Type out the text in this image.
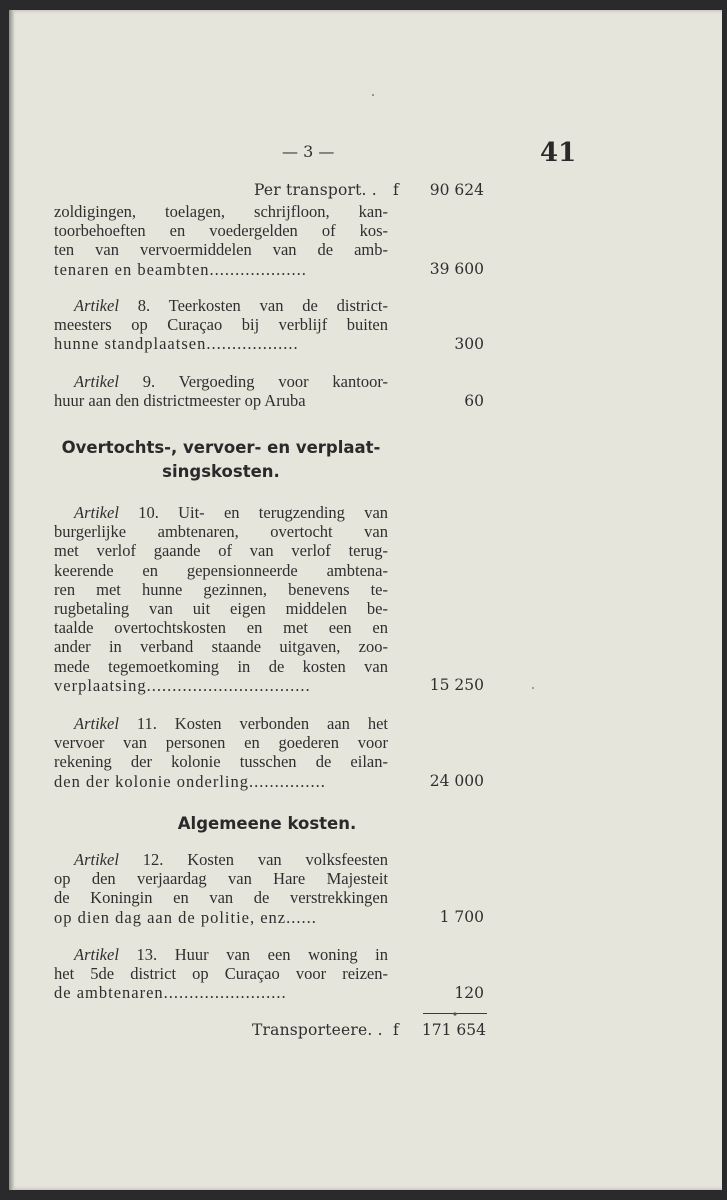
— 3 —	41
Per transport. . f	90 624
zoldigingen, toelagen, schrijfloon, kan-
toorbehoeften en voedergelden of kos-
ten van vervoermiddelen van de amb-
tenaren en beambten...................	39 600
Artikel 8. Teerkosten van de district-
meesters op Curaçao bij verblijf buiten
hunne standplaatsen..................	300
Artikel 9. Vergoeding voor kantoor-
huur aan den districtmeester op Aruba	60
Overtochts-, vervoer- en verplaat-
singskosten.
Artikel 10. Uit- en terugzending van
burgerlijke ambtenaren, overtocht van
met verlof gaande of van verlof terug-
keerende en gepensionneerde ambtena-
ren met hunne gezinnen, benevens te-
rugbetaling van uit eigen middelen be-
taalde overtochtskosten en met een en
ander in verband staande uitgaven, zoo-
mede tegemoetkoming in de kosten van
verplaatsing................................	15 250
Artikel 11. Kosten verbonden aan het
vervoer van personen en goederen voor
rekening der kolonie tusschen de eilan-
den der kolonie onderling...............	24 000
Algemeene kosten.
Artikel 12. Kosten van volksfeesten
op den verjaardag van Hare Majesteit
de Koningin en van de verstrekkingen
op dien dag aan de politie, enz......	1 700
Artikel 13. Huur van een woning in
het 5de district op Curaçao voor reizen-
de ambtenaren........................	120
Transporteere. . f	171 654
